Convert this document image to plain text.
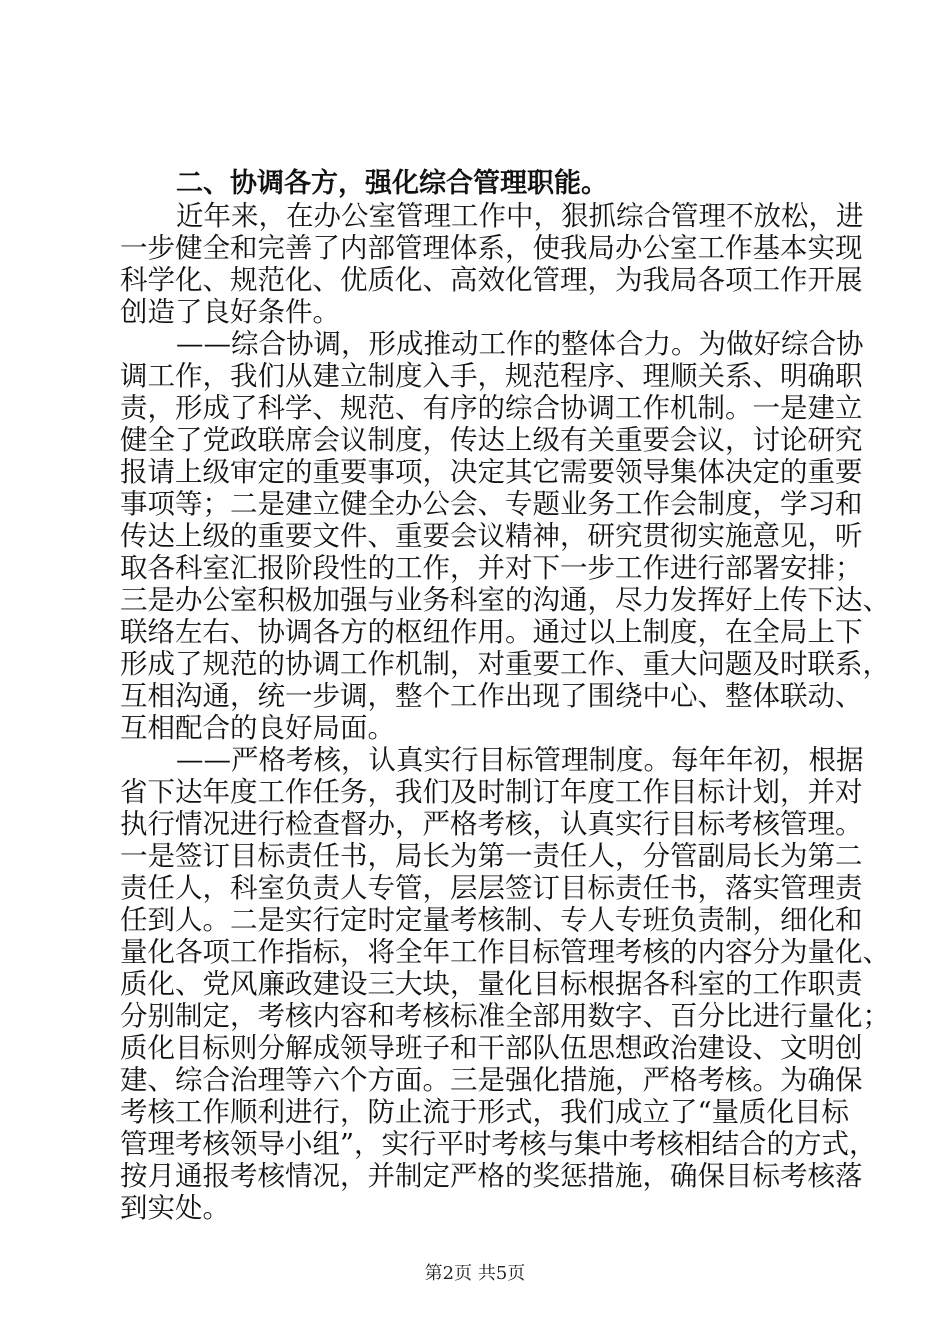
二、协调各方，强化综合管理职能。
近年来，在办公室管理工作中，狠抓综合管理不放松，进
一步健全和完善了内部管理体系，使我局办公室工作基本实现
科学化、规范化、优质化、高效化管理，为我局各项工作开展
创造了良好条件。
——综合协调，形成推动工作的整体合力。为做好综合协
调工作，我们从建立制度入手，规范程序、理顺关系、明确职
责，形成了科学、规范、有序的综合协调工作机制。一是建立
健全了党政联席会议制度，传达上级有关重要会议，讨论研究
报请上级审定的重要事项，决定其它需要领导集体决定的重要
事项等；二是建立健全办公会、专题业务工作会制度，学习和
传达上级的重要文件、重要会议精神，研究贯彻实施意见，听
取各科室汇报阶段性的工作，并对下一步工作进行部署安排；
三是办公室积极加强与业务科室的沟通，尽力发挥好上传下达、
联络左右、协调各方的枢纽作用。通过以上制度，在全局上下
形成了规范的协调工作机制，对重要工作、重大问题及时联系，
互相沟通，统一步调，整个工作出现了围绕中心、整体联动、
互相配合的良好局面。
——严格考核，认真实行目标管理制度。每年年初，根据
省下达年度工作任务，我们及时制订年度工作目标计划，并对
执行情况进行检查督办，严格考核，认真实行目标考核管理。
一是签订目标责任书，局长为第一责任人，分管副局长为第二
责任人，科室负责人专管，层层签订目标责任书，落实管理责
任到人。二是实行定时定量考核制、专人专班负责制，细化和
量化各项工作指标，将全年工作目标管理考核的内容分为量化、
质化、党风廉政建设三大块，量化目标根据各科室的工作职责
分别制定，考核内容和考核标准全部用数字、百分比进行量化；
质化目标则分解成领导班子和干部队伍思想政治建设、文明创
建、综合治理等六个方面。三是强化措施，严格考核。为确保
考核工作顺利进行，防止流于形式，我们成立了“量质化目标
管理考核领导小组”，实行平时考核与集中考核相结合的方式，
按月通报考核情况，并制定严格的奖惩措施，确保目标考核落
到实处。
第2页 共5页
